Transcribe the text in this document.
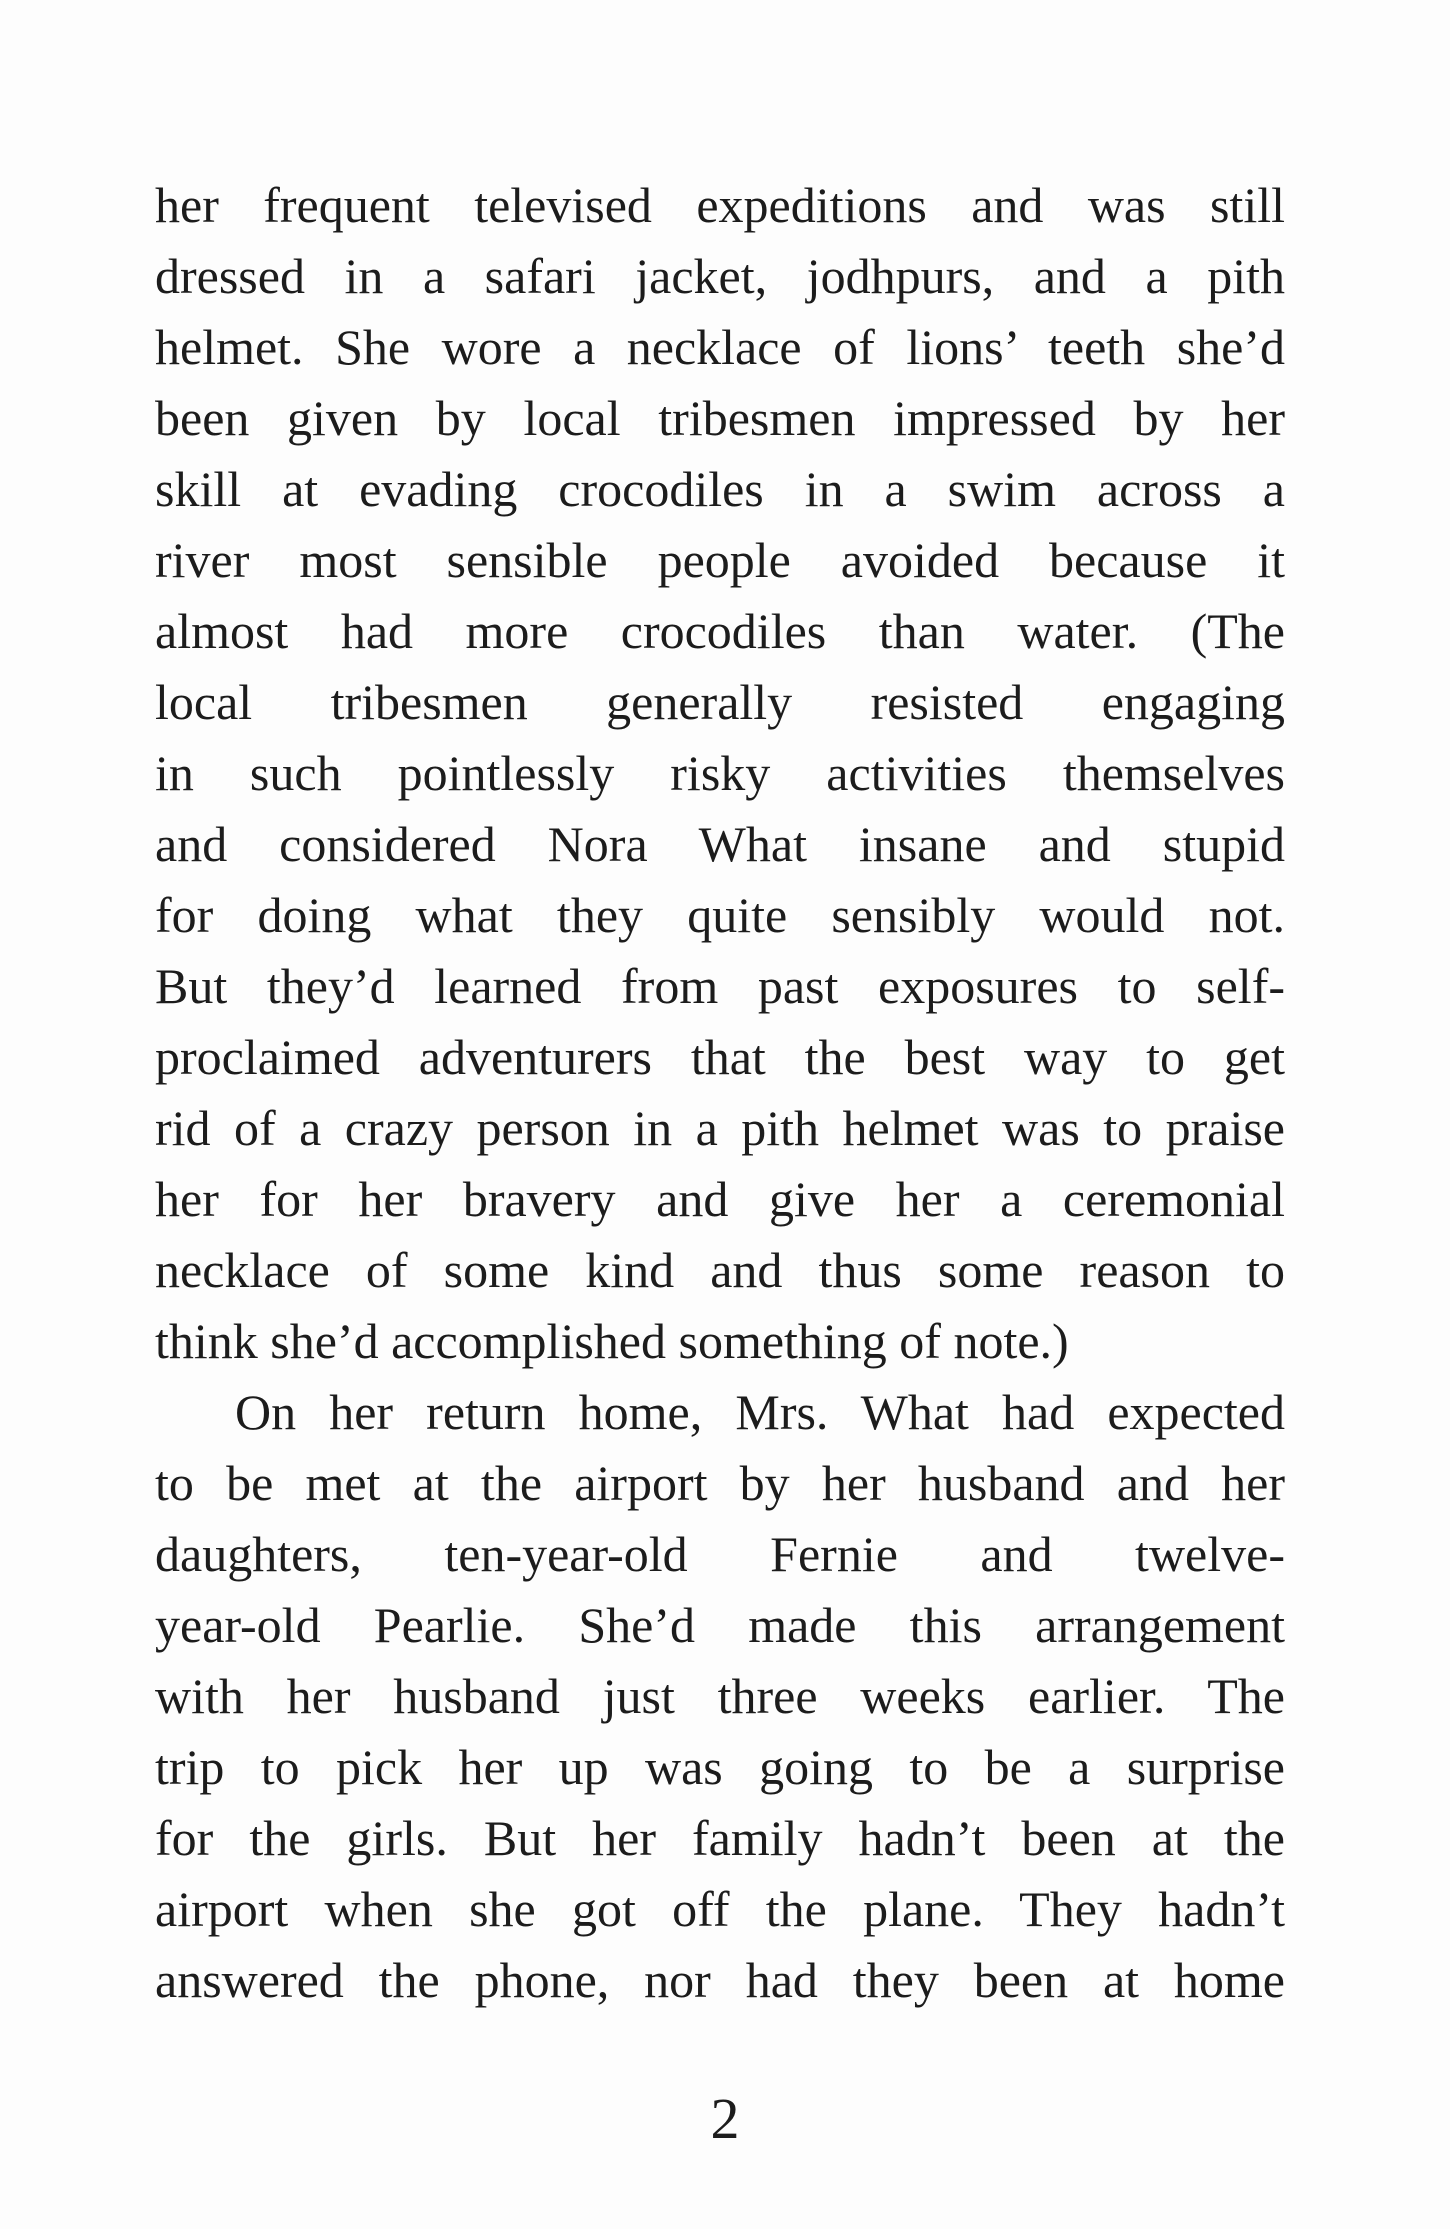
her frequent televised expeditions and was still
dressed in a safari jacket, jodhpurs, and a pith
helmet. She wore a necklace of lions’ teeth she’d
been given by local tribesmen impressed by her
skill at evading crocodiles in a swim across a
river most sensible people avoided because it
almost had more crocodiles than water. (The
local tribesmen generally resisted engaging
in such pointlessly risky activities themselves
and considered Nora What insane and stupid
for doing what they quite sensibly would not.
But they’d learned from past exposures to self-
proclaimed adventurers that the best way to get
rid of a crazy person in a pith helmet was to praise
her for her bravery and give her a ceremonial
necklace of some kind and thus some reason to
think she’d accomplished something of note.)
On her return home, Mrs. What had expected
to be met at the airport by her husband and her
daughters, ten-year-old Fernie and twelve-
year-old Pearlie. She’d made this arrangement
with her husband just three weeks earlier. The
trip to pick her up was going to be a surprise
for the girls. But her family hadn’t been at the
airport when she got off the plane. They hadn’t
answered the phone, nor had they been at home
2
